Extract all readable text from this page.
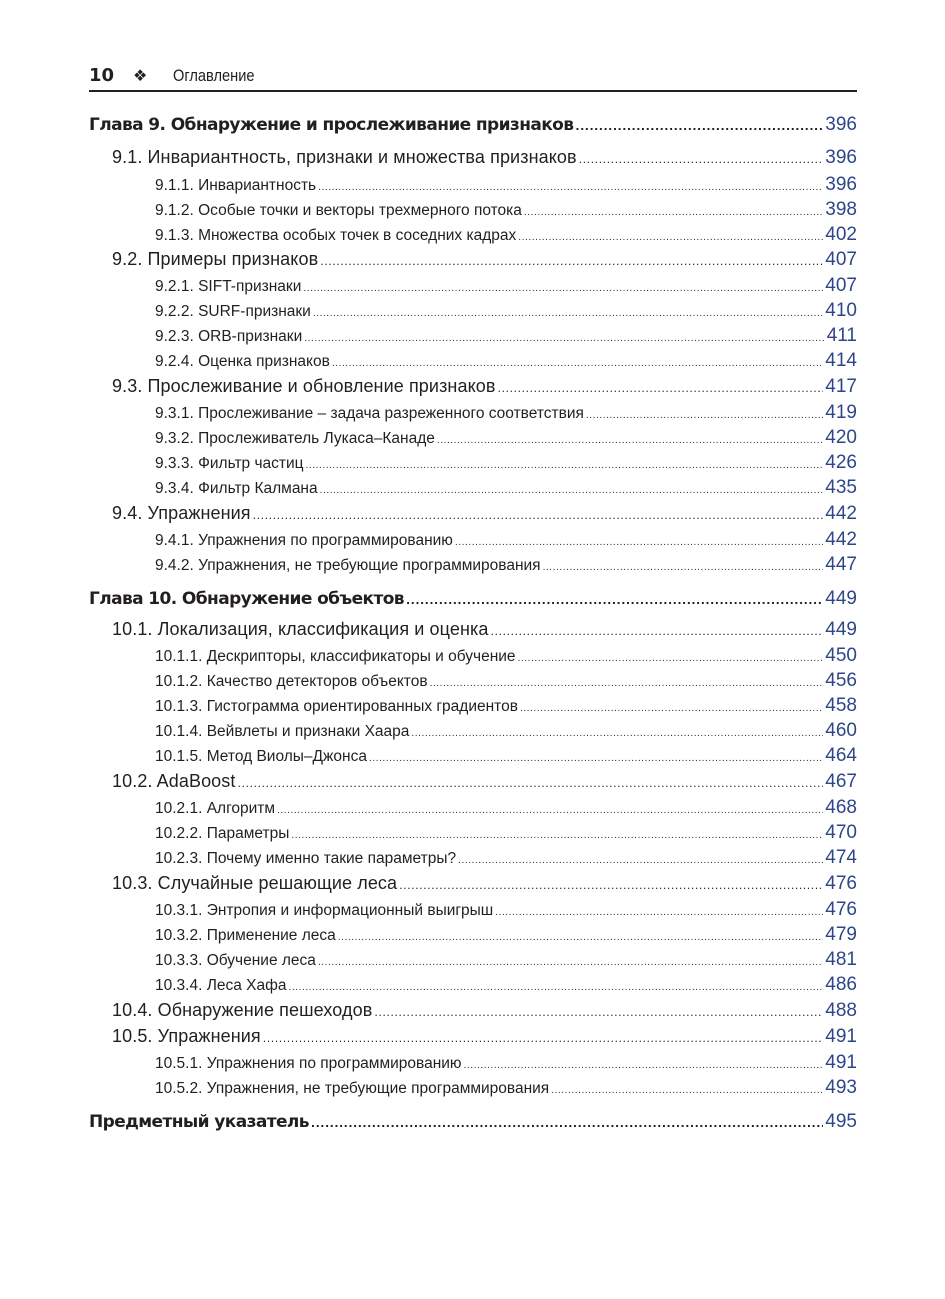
10 ❖ Оглавление
Глава 9. Обнаружение и прослеживание признаков .....	396
9.1. Инвариантность, признаки и множества признаков .....	396
9.1.1. Инвариантность .....	396
9.1.2. Особые точки и векторы трехмерного потока .....	398
9.1.3. Множества особых точек в соседних кадрах .....	402
9.2. Примеры признаков .....	407
9.2.1. SIFT-признаки .....	407
9.2.2. SURF-признаки .....	410
9.2.3. ORB-признаки .....	411
9.2.4. Оценка признаков .....	414
9.3. Прослеживание и обновление признаков .....	417
9.3.1. Прослеживание – задача разреженного соответствия .....	419
9.3.2. Прослеживатель Лукаса–Канаде .....	420
9.3.3. Фильтр частиц .....	426
9.3.4. Фильтр Калмана .....	435
9.4. Упражнения .....	442
9.4.1. Упражнения по программированию .....	442
9.4.2. Упражнения, не требующие программирования .....	447
Глава 10. Обнаружение объектов .....	449
10.1. Локализация, классификация и оценка .....	449
10.1.1. Дескрипторы, классификаторы и обучение .....	450
10.1.2. Качество детекторов объектов .....	456
10.1.3. Гистограмма ориентированных градиентов .....	458
10.1.4. Вейвлеты и признаки Хаара .....	460
10.1.5. Метод Виолы–Джонса .....	464
10.2. AdaBoost .....	467
10.2.1. Алгоритм .....	468
10.2.2. Параметры .....	470
10.2.3. Почему именно такие параметры? .....	474
10.3. Случайные решающие леса .....	476
10.3.1. Энтропия и информационный выигрыш .....	476
10.3.2. Применение леса .....	479
10.3.3. Обучение леса .....	481
10.3.4. Леса Хафа .....	486
10.4. Обнаружение пешеходов .....	488
10.5. Упражнения .....	491
10.5.1. Упражнения по программированию .....	491
10.5.2. Упражнения, не требующие программирования .....	493
Предметный указатель .....	495
